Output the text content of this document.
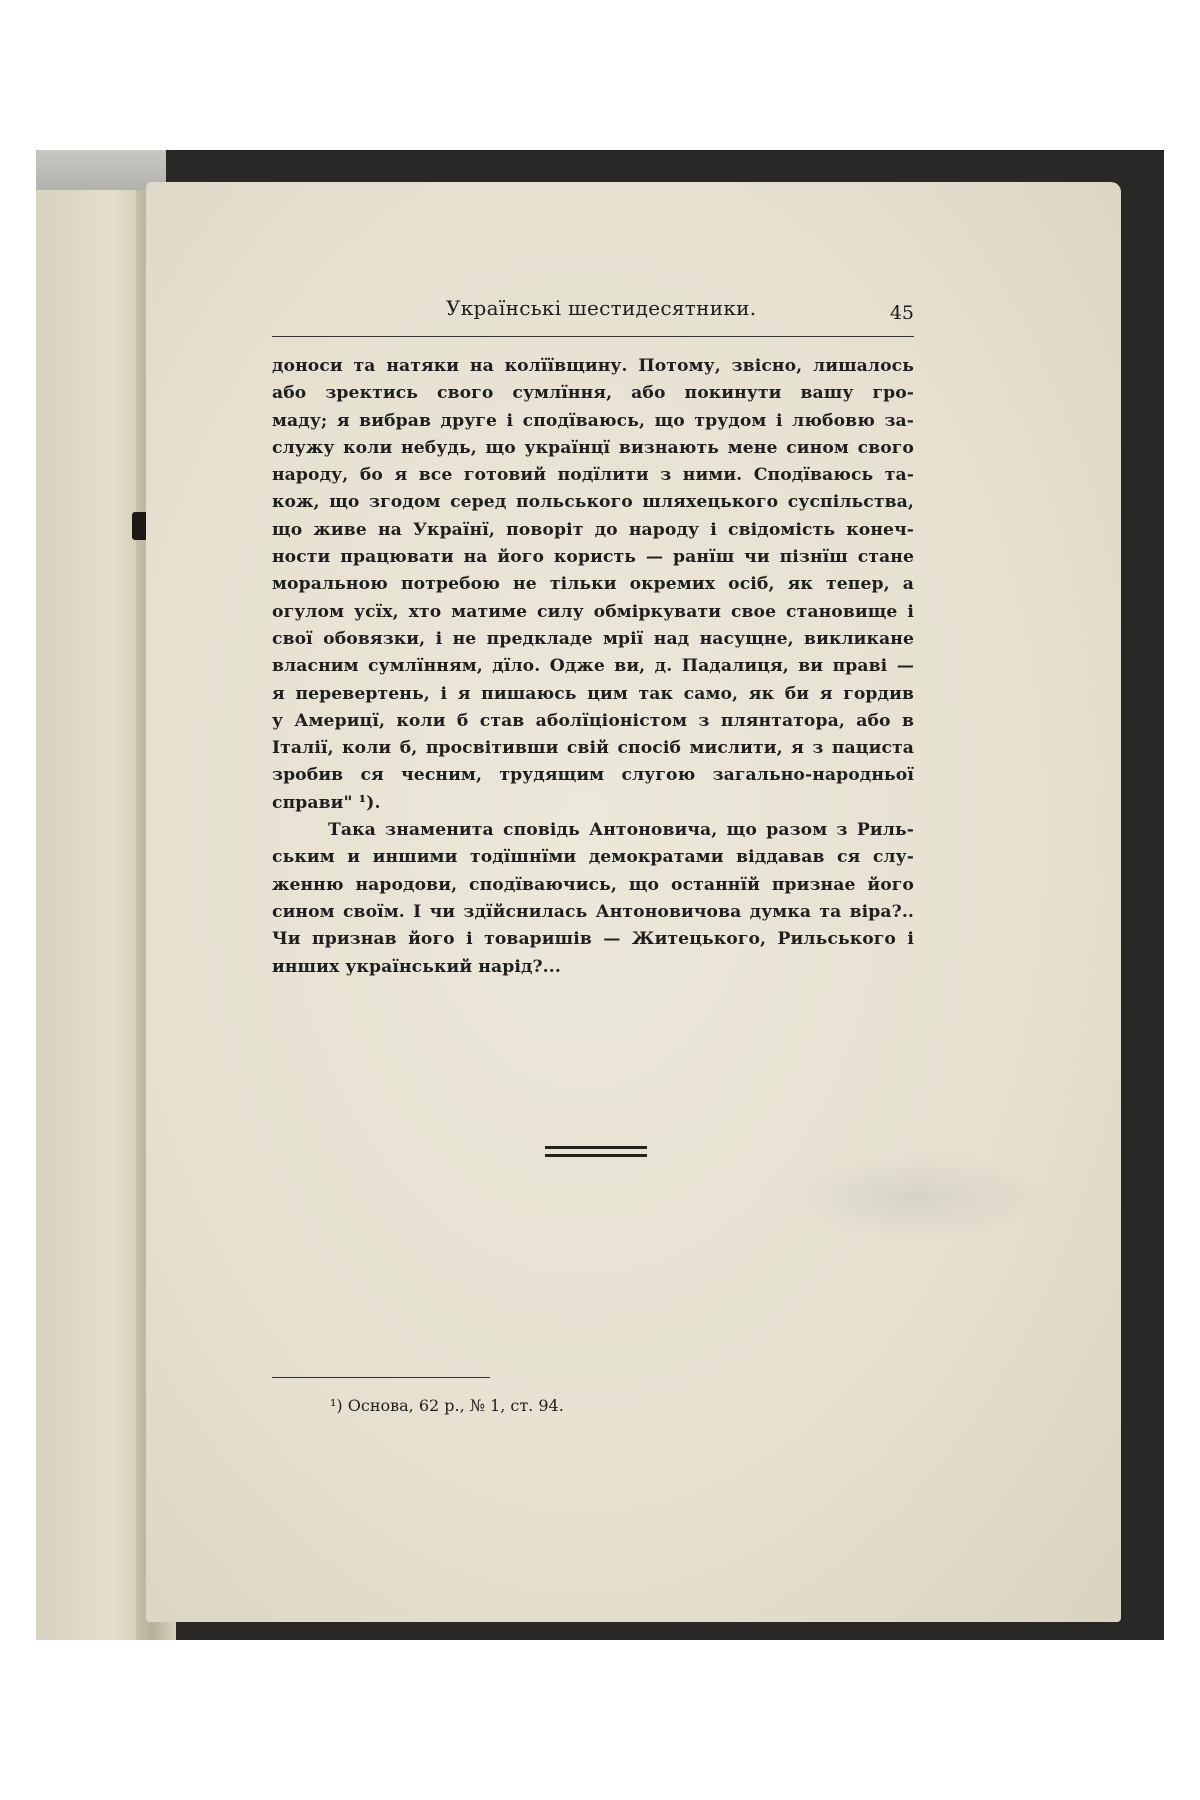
Українські шестидесятники.	45
доноси та натяки на колїївщину. Потому, звісно, лишалось
або зректись свого сумлїння, або покинути вашу гро-
маду; я вибрав друге і сподїваюсь, що трудом і любовю за-
служу коли небудь, що українцї визнають мене сином свого
народу, бо я все готовий подїлити з ними. Сподїваюсь та-
кож, що згодом серед польського шляхецького суспільства,
що живе на Українї, поворіт до народу і свідомість конеч-
ности працювати на його користь — ранїш чи пізнїш стане
моральною потребою не тільки окремих осіб, як тепер, а
огулом усїх, хто матиме силу обміркувати свое становище і
свої обовязки, і не предкладе мрії над насущне, викликане
власним сумлїнням, дїло. Одже ви, д. Падалиця, ви праві —
я перевертень, і я пишаюсь цим так само, як би я гордив
у Америцї, коли б став аболїціоністом з плянтатора, або в
Італії, коли б, просвітивши свій спосіб мислити, я з пациста
зробив ся чесним, трудящим слугою загально-народньої
справи" ¹).
Така знаменита сповідь Антоновича, що разом з Риль-
ським и иншими тодїшнїми демократами віддавав ся слу-
женню народови, сподїваючись, що останнїй признае його
сином своїм. І чи здїйснилась Антоновичова думка та віра?..
Чи признав його і товаришів — Житецького, Рильського і
инших український нарід?...
¹) Основа, 62 р., № 1, ст. 94.
